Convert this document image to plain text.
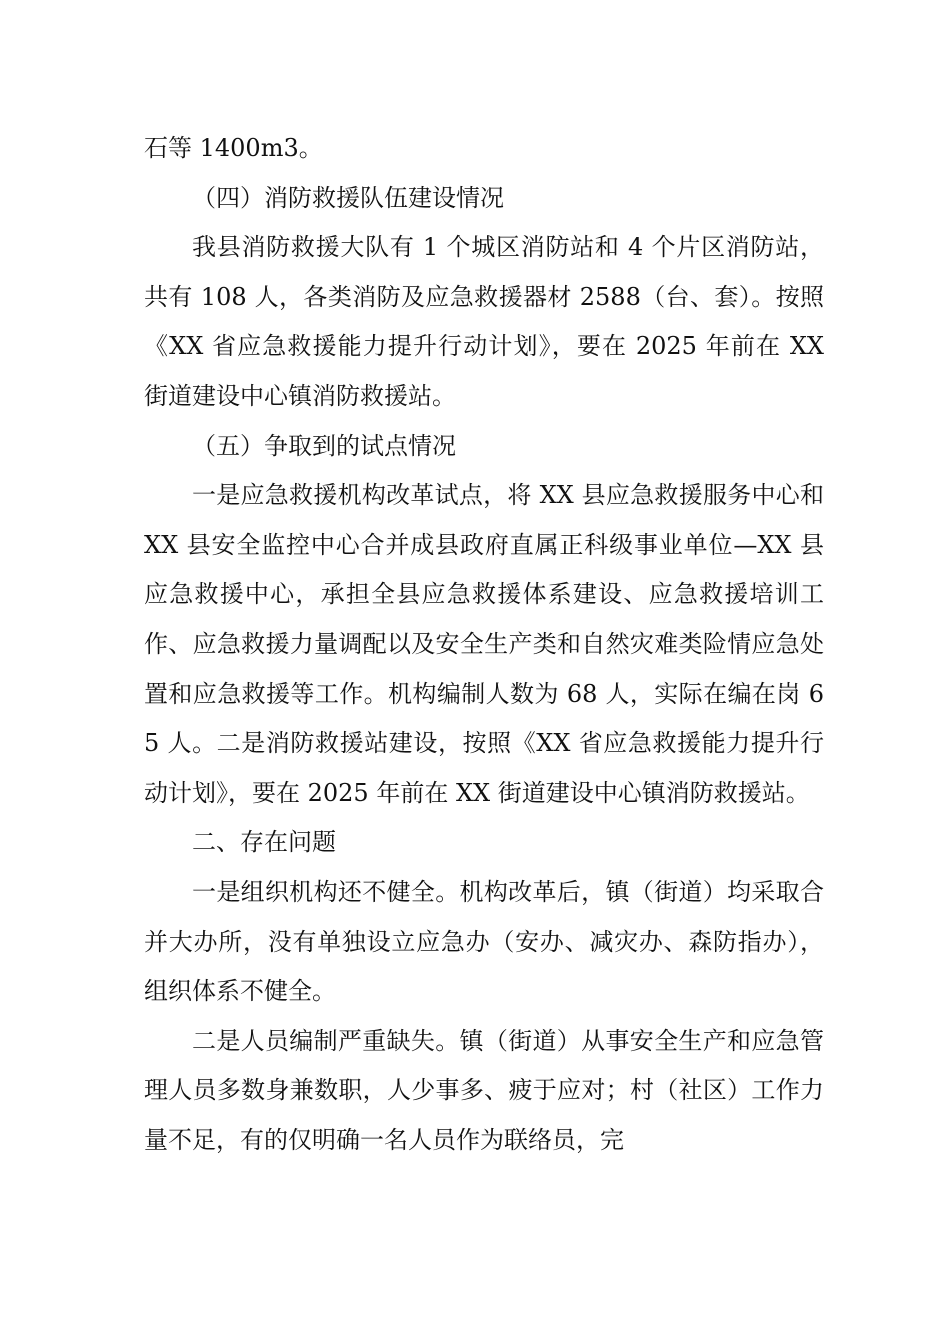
石等 1400m3。

（四）消防救援队伍建设情况

我县消防救援大队有 1 个城区消防站和 4 个片区消防站，共有 108 人，各类消防及应急救援器材 2588（台、套）。按照《XX 省应急救援能力提升行动计划》，要在 2025 年前在 XX 街道建设中心镇消防救援站。

（五）争取到的试点情况

一是应急救援机构改革试点，将 XX 县应急救援服务中心和 XX 县安全监控中心合并成县政府直属正科级事业单位—XX 县应急救援中心，承担全县应急救援体系建设、应急救援培训工作、应急救援力量调配以及安全生产类和自然灾难类险情应急处置和应急救援等工作。机构编制人数为 68 人，实际在编在岗 65 人。二是消防救援站建设，按照《XX 省应急救援能力提升行动计划》，要在 2025 年前在 XX 街道建设中心镇消防救援站。

二、存在问题

一是组织机构还不健全。机构改革后，镇（街道）均采取合并大办所，没有单独设立应急办（安办、减灾办、森防指办），组织体系不健全。

二是人员编制严重缺失。镇（街道）从事安全生产和应急管理人员多数身兼数职，人少事多、疲于应对；村（社区）工作力量不足，有的仅明确一名人员作为联络员，完
